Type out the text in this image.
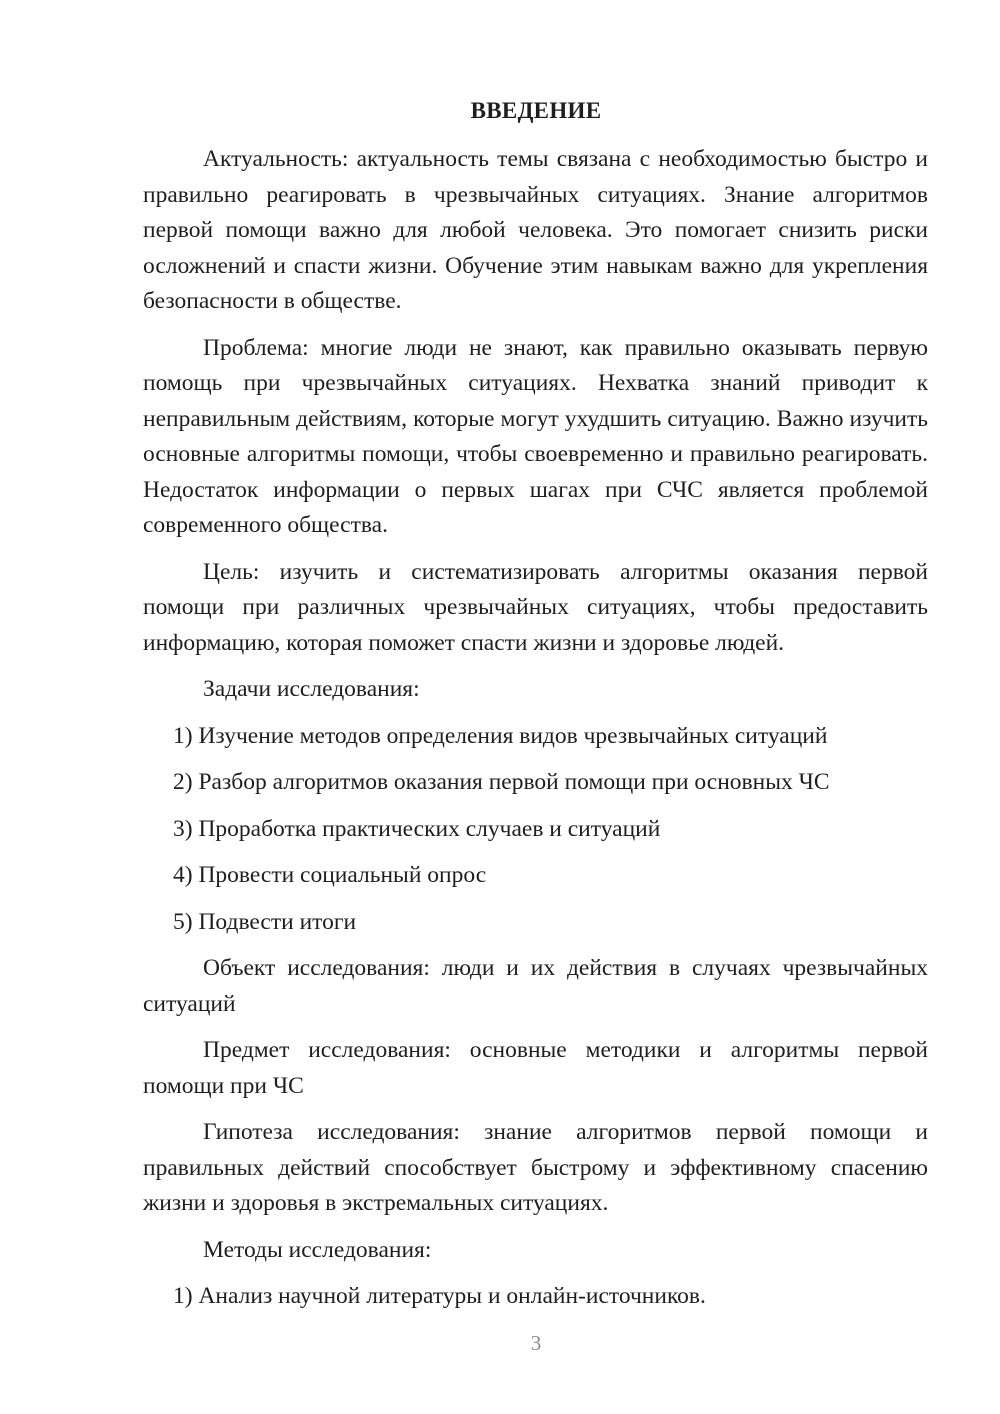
ВВЕДЕНИЕ

Актуальность: актуальность темы связана с необходимостью быстро и правильно реагировать в чрезвычайных ситуациях. Знание алгоритмов первой помощи важно для любой человека. Это помогает снизить риски осложнений и спасти жизни. Обучение этим навыкам важно для укрепления безопасности в обществе.

Проблема: многие люди не знают, как правильно оказывать первую помощь при чрезвычайных ситуациях. Нехватка знаний приводит к неправильным действиям, которые могут ухудшить ситуацию. Важно изучить основные алгоритмы помощи, чтобы своевременно и правильно реагировать. Недостаток информации о первых шагах при СЧС является проблемой современного общества.

Цель: изучить и систематизировать алгоритмы оказания первой помощи при различных чрезвычайных ситуациях, чтобы предоставить информацию, которая поможет спасти жизни и здоровье людей.

Задачи исследования:

1) Изучение методов определения видов чрезвычайных ситуаций

2) Разбор алгоритмов оказания первой помощи при основных ЧС

3) Проработка практических случаев и ситуаций

4) Провести социальный опрос

5) Подвести итоги

Объект исследования: люди и их действия в случаях чрезвычайных ситуаций

Предмет исследования: основные методики и алгоритмы первой помощи при ЧС

Гипотеза исследования: знание алгоритмов первой помощи и правильных действий способствует быстрому и эффективному спасению жизни и здоровья в экстремальных ситуациях.

Методы исследования:

1) Анализ научной литературы и онлайн-источников.

3
